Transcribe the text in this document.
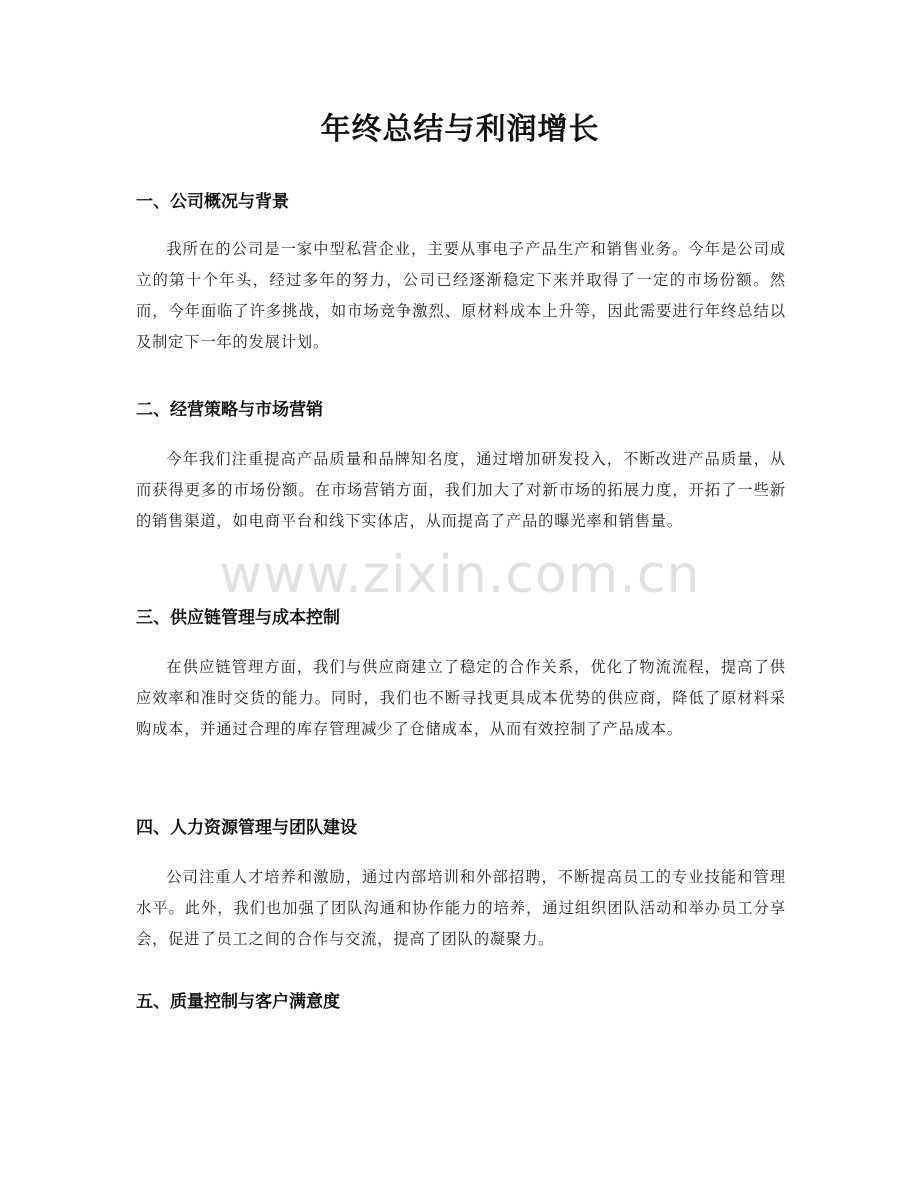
年终总结与利润增长
一、公司概况与背景
我所在的公司是一家中型私营企业，主要从事电子产品生产和销售业务。今年是公司成立的第十个年头，经过多年的努力，公司已经逐渐稳定下来并取得了一定的市场份额。然而，今年面临了许多挑战，如市场竞争激烈、原材料成本上升等，因此需要进行年终总结以及制定下一年的发展计划。
二、经营策略与市场营销
今年我们注重提高产品质量和品牌知名度，通过增加研发投入，不断改进产品质量，从而获得更多的市场份额。在市场营销方面，我们加大了对新市场的拓展力度，开拓了一些新的销售渠道，如电商平台和线下实体店，从而提高了产品的曝光率和销售量。
三、供应链管理与成本控制
在供应链管理方面，我们与供应商建立了稳定的合作关系，优化了物流流程，提高了供应效率和准时交货的能力。同时，我们也不断寻找更具成本优势的供应商，降低了原材料采购成本，并通过合理的库存管理减少了仓储成本，从而有效控制了产品成本。
四、人力资源管理与团队建设
公司注重人才培养和激励，通过内部培训和外部招聘，不断提高员工的专业技能和管理水平。此外，我们也加强了团队沟通和协作能力的培养，通过组织团队活动和举办员工分享会，促进了员工之间的合作与交流，提高了团队的凝聚力。
五、质量控制与客户满意度
www.zixin.com.cn
